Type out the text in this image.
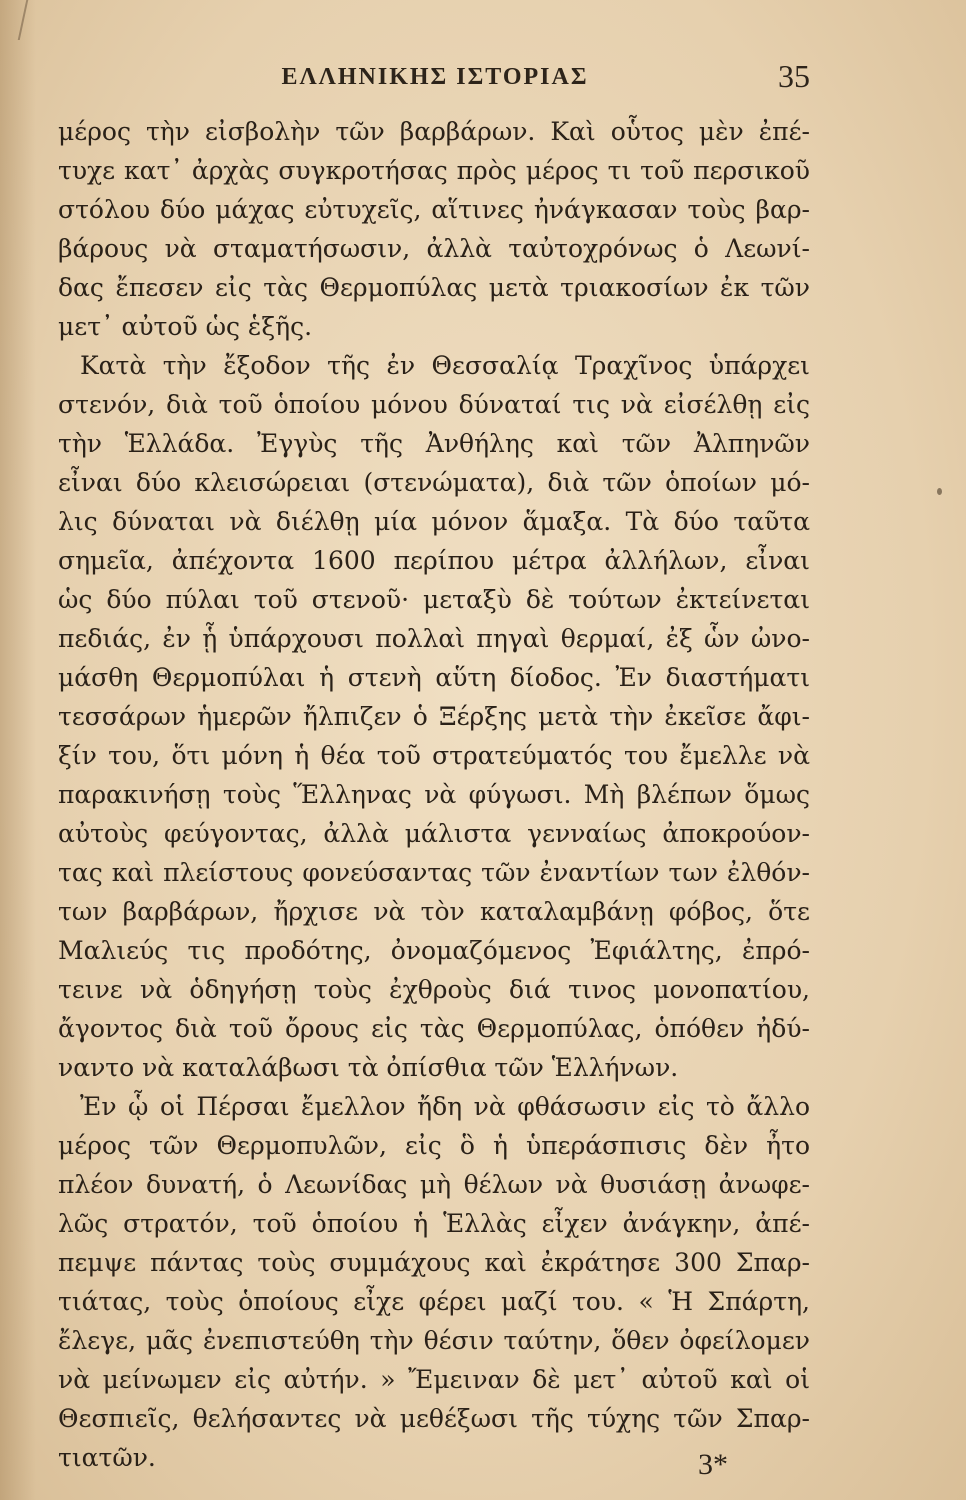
ΕΛΛΗΝΙΚΗΣ ΙΣΤΟΡΙΑΣ	35
μέρος τὴν εἰσβολὴν τῶν βαρβάρων. Καὶ οὗτος μὲν ἐπέ-
τυχε κατ᾽ ἀρχὰς συγκροτήσας πρὸς μέρος τι τοῦ περσικοῦ
στόλου δύο μάχας εὐτυχεῖς, αἵτινες ἠνάγκασαν τοὺς βαρ-
βάρους νὰ σταματήσωσιν, ἀλλὰ ταὐτοχρόνως ὁ Λεωνί-
δας ἔπεσεν εἰς τὰς Θερμοπύλας μετὰ τριακοσίων ἐκ τῶν
μετ᾽ αὐτοῦ ὡς ἑξῆς.
Κατὰ τὴν ἔξοδον τῆς ἐν Θεσσαλίᾳ Τραχῖνος ὑπάρχει
στενόν, διὰ τοῦ ὁποίου μόνου δύναταί τις νὰ εἰσέλθῃ εἰς
τὴν Ἑλλάδα. Ἐγγὺς τῆς Ἀνθήλης καὶ τῶν Ἀλπηνῶν
εἶναι δύο κλεισώρειαι (στενώματα), διὰ τῶν ὁποίων μό-
λις δύναται νὰ διέλθῃ μία μόνον ἅμαξα. Τὰ δύο ταῦτα
σημεῖα, ἀπέχοντα 1600 περίπου μέτρα ἀλλήλων, εἶναι
ὡς δύο πύλαι τοῦ στενοῦ· μεταξὺ δὲ τούτων ἐκτείνεται
πεδιάς, ἐν ᾗ ὑπάρχουσι πολλαὶ πηγαὶ θερμαί, ἐξ ὧν ὠνο-
μάσθη Θερμοπύλαι ἡ στενὴ αὕτη δίοδος. Ἐν διαστήματι
τεσσάρων ἡμερῶν ἤλπιζεν ὁ Ξέρξης μετὰ τὴν ἐκεῖσε ἄφι-
ξίν του, ὅτι μόνη ἡ θέα τοῦ στρατεύματός του ἔμελλε νὰ
παρακινήσῃ τοὺς Ἕλληνας νὰ φύγωσι. Μὴ βλέπων ὅμως
αὐτοὺς φεύγοντας, ἀλλὰ μάλιστα γενναίως ἀποκρούον-
τας καὶ πλείστους φονεύσαντας τῶν ἐναντίων των ἐλθόν-
των βαρβάρων, ἤρχισε νὰ τὸν καταλαμβάνῃ φόβος, ὅτε
Μαλιεύς τις προδότης, ὀνομαζόμενος Ἐφιάλτης, ἐπρό-
τεινε νὰ ὁδηγήσῃ τοὺς ἐχθροὺς διά τινος μονοπατίου,
ἄγοντος διὰ τοῦ ὄρους εἰς τὰς Θερμοπύλας, ὁπόθεν ἠδύ-
ναντο νὰ καταλάβωσι τὰ ὀπίσθια τῶν Ἑλλήνων.
Ἐν ᾧ οἱ Πέρσαι ἔμελλον ἤδη νὰ φθάσωσιν εἰς τὸ ἄλλο
μέρος τῶν Θερμοπυλῶν, εἰς ὃ ἡ ὑπεράσπισις δὲν ἦτο
πλέον δυνατή, ὁ Λεωνίδας μὴ θέλων νὰ θυσιάσῃ ἀνωφε-
λῶς στρατόν, τοῦ ὁποίου ἡ Ἑλλὰς εἶχεν ἀνάγκην, ἀπέ-
πεμψε πάντας τοὺς συμμάχους καὶ ἐκράτησε 300 Σπαρ-
τιάτας, τοὺς ὁποίους εἶχε φέρει μαζί του. « Ἡ Σπάρτη,
ἔλεγε, μᾶς ἐνεπιστεύθη τὴν θέσιν ταύτην, ὅθεν ὀφείλομεν
νὰ μείνωμεν εἰς αὐτήν. » Ἔμειναν δὲ μετ᾽ αὐτοῦ καὶ οἱ
Θεσπιεῖς, θελήσαντες νὰ μεθέξωσι τῆς τύχης τῶν Σπαρ-
τιατῶν.	3*
